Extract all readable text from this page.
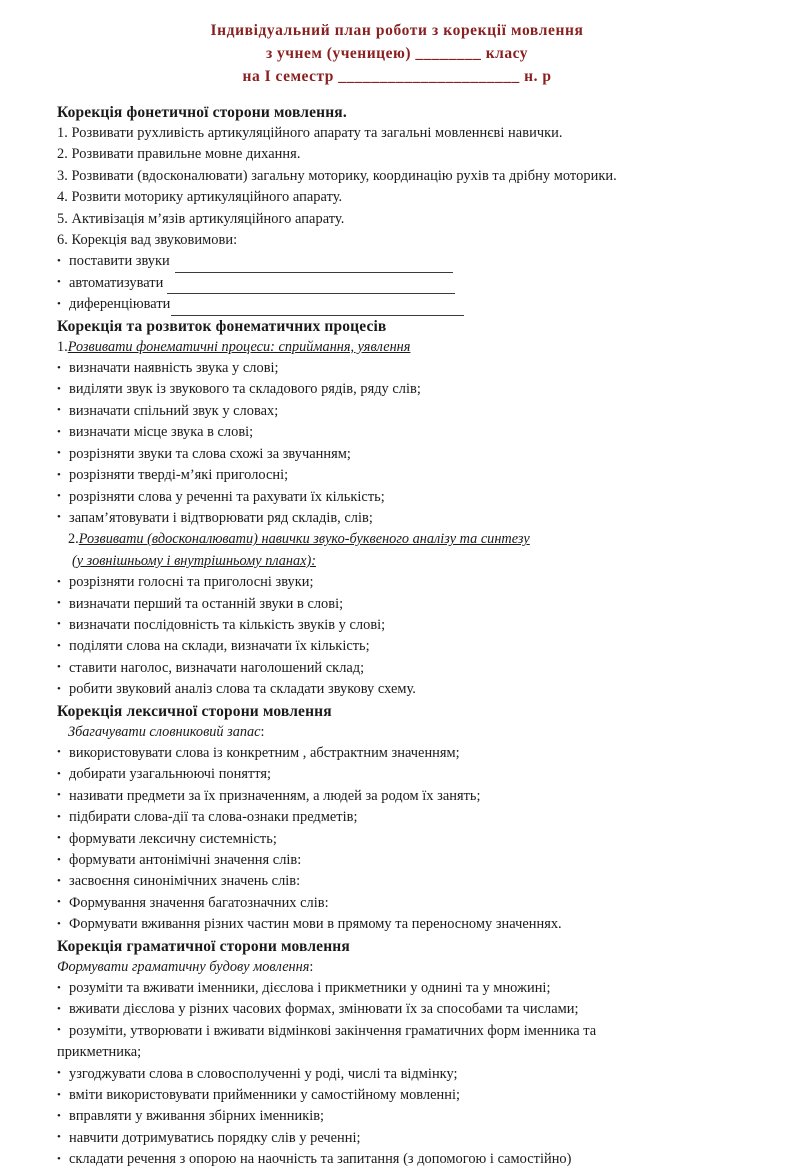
Індивідуальний план роботи з корекції мовлення
з учнем (ученицею) ________ класу
на І семестр ______________________ н. р
Корекція фонетичної сторони мовлення.

1. Розвивати рухливість артикуляційного апарату та загальні мовленнєві навички.

2. Розвивати правильне мовне дихання.

3. Розвивати (вдосконалювати) загальну моторику, координацію рухів та дрібну моторики.

4. Розвити моторику артикуляційного апарату.

5. Активізація м’язів артикуляційного апарату.

6. Корекція вад звуковимови:

• поставити звуки
• автоматизувати
• диференціювати
Корекція та розвиток фонематичних процесів

1.Розвивати фонематичні процеси: сприймання, уявлення

• визначати наявність звука у слові;
• виділяти звук із звукового та складового рядів, ряду слів;
• визначати спільний звук у словах;
• визначати місце звука в слові;
• розрізняти звуки та слова схожі за звучанням;
• розрізняти тверді-м’які приголосні;
• розрізняти слова у реченні та рахувати їх кількість;
• запам’ятовувати і відтворювати ряд складів, слів;

2.Розвивати (вдосконалювати) навички звуко-буквеного аналізу та синтезу

(у зовнішньому і внутрішньому планах):

• розрізняти голосні та приголосні звуки;
• визначати перший та останній звуки в слові;
• визначати послідовність та кількість звуків у слові;
• поділяти слова на склади, визначати їх кількість;
• ставити наголос, визначати наголошений склад;
• робити звуковий аналіз слова та складати звукову схему.
Корекція лексичної сторони мовлення

Збагачувати словниковий запас:

• використовувати слова із конкретним , абстрактним значенням;
• добирати узагальнюючі поняття;
• називати предмети за їх призначенням, а людей за родом їх занять;
• підбирати слова-дії та слова-ознаки предметів;
• формувати лексичну системність;
• формувати антонімічні значення слів:
• засвоєння синонімічних значень слів:
• Формування значення багатозначних слів:
• Формувати вживання різних частин мови в прямому та переносному значеннях.
Корекція граматичної сторони мовлення

Формувати граматичну будову мовлення:

• розуміти та вживати іменники, дієслова і прикметники у однині та у множині;
• вживати дієслова у різних часових формах, змінювати їх за способами та числами;
• розуміти, утворювати і вживати відмінкові закінчення граматичних форм іменника та
прикметника;
• узгоджувати слова в словосполученні у роді, числі та відмінку;
• вміти використовувати прийменники у самостійному мовленні;
• вправляти у вживання збірних іменників;
• навчити дотримуватись порядку слів у реченні;
• складати речення з опорою на наочність та запитання (з допомогою і самостійно)
